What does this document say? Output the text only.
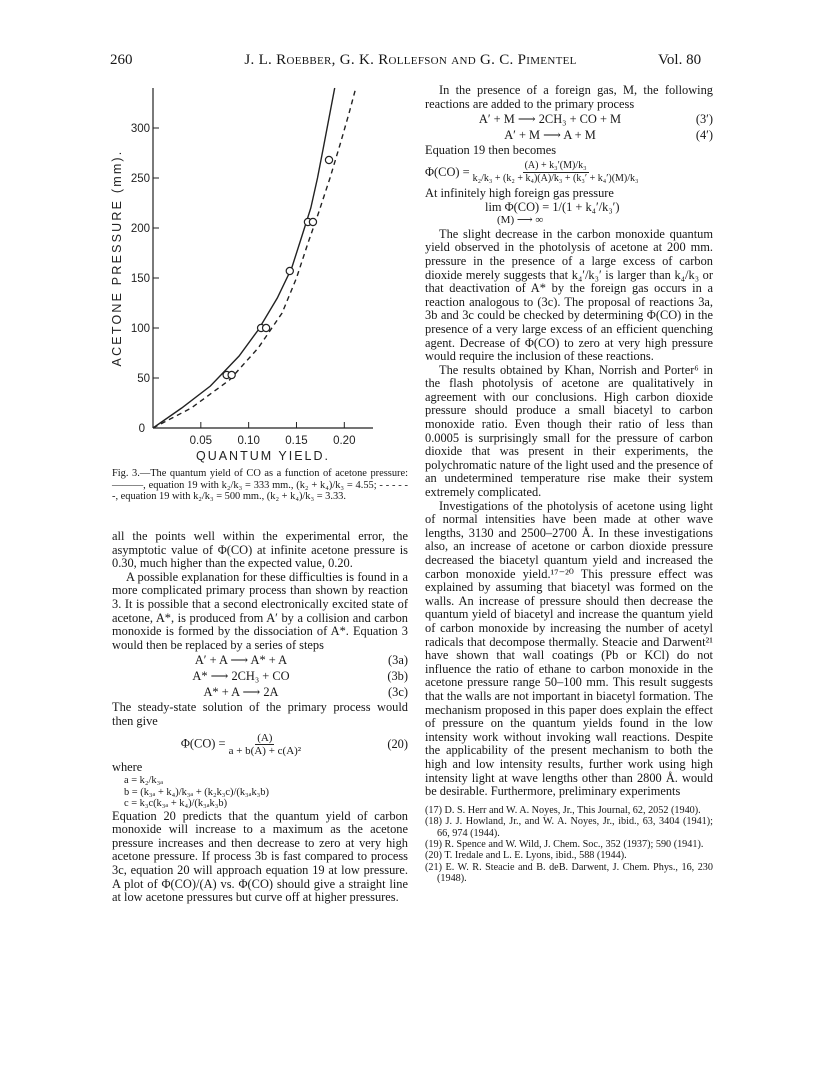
260	J. L. Roebber, G. K. Rollefson and G. C. Pimentel	Vol. 80
0.05 0.10 0.15 0.20
50
100
150
200
250
300
0
QUANTUM YIELD.
ACETONE PRESSURE (mm).
Fig. 3.—The quantum yield of CO as a function of acetone pressure: ———, equation 19 with k₂/k₃ = 333 mm., (k₂ + k₄)/k₃ = 4.55; - - - - - -, equation 19 with k₂/k₃ = 500 mm., (k₂ + k₄)/k₃ = 3.33.

all the points well within the experimental error, the asymptotic value of Φ(CO) at infinite acetone pressure is 0.30, much higher than the expected value, 0.20.

A possible explanation for these difficulties is found in a more complicated primary process than shown by reaction 3. It is possible that a second electronically excited state of acetone, A*, is produced from A′ by a collision and carbon monoxide is formed by the dissociation of A*. Equation 3 would then be replaced by a series of steps

A′ + A ⟶ A* + A	(3a)
A* ⟶ 2CH₃ + CO	(3b)
A* + A ⟶ 2A	(3c)

The steady-state solution of the primary process would then give

$\Phi(CO) = \frac{(A)}{\text{a + b(A) + c(A)²}}$	(20)

where

a = k₂/k₃ₐ
b = (k₃ₐ + k₄)/k₃ₐ + (k₂k₃c)/(k₃ₐk₃b)
c = k₃c(k₃ₐ + k₄)/(k₃ₐk₃b)

Equation 20 predicts that the quantum yield of carbon monoxide will increase to a maximum as the acetone pressure increases and then decrease to zero at very high acetone pressure. If process 3b is fast compared to process 3c, equation 20 will approach equation 19 at low pressure. A plot of Φ(CO)/(A) vs. Φ(CO) should give a straight line at low acetone pressures but curve off at higher pressures.

In the presence of a foreign gas, M, the following reactions are added to the primary process

A′ + M ⟶ 2CH₃ + CO + M	(3′)
A′ + M ⟶ A + M	(4′)

Equation 19 then becomes

$\Phi(CO) = \frac{\text{(A) + k₃′(M)/k₃}}{\text{k₂/k₃ + (k₂ + k₄)(A)/k₃ + (k₃′ + k₄′)(M)/k₃}}$

At infinitely high foreign gas pressure

lim Φ(CO) = 1/(1 + k₄′/k₃′)
(M) ⟶ ∞

The slight decrease in the carbon monoxide quantum yield observed in the photolysis of acetone at 200 mm. pressure in the presence of a large excess of carbon dioxide merely suggests that k₄′/k₃′ is larger than k₄/k₃ or that deactivation of A* by the foreign gas occurs in a reaction analogous to (3c). The proposal of reactions 3a, 3b and 3c could be checked by determining Φ(CO) in the presence of a very large excess of an efficient quenching agent. Decrease of Φ(CO) to zero at very high pressure would require the inclusion of these reactions.

The results obtained by Khan, Norrish and Porter⁶ in the flash photolysis of acetone are qualitatively in agreement with our conclusions. High carbon dioxide pressure should produce a small biacetyl to carbon monoxide ratio. Even though their ratio of less than 0.0005 is surprisingly small for the pressure of carbon dioxide that was present in their experiments, the polychromatic nature of the light used and the presence of an undetermined temperature rise make their system extremely complicated.

Investigations of the photolysis of acetone using light of normal intensities have been made at other wave lengths, 3130 and 2500–2700 Å. In these investigations also, an increase of acetone or carbon dioxide pressure decreased the biacetyl quantum yield and increased the carbon monoxide yield.¹⁷⁻²⁰ This pressure effect was explained by assuming that biacetyl was formed on the walls. An increase of pressure should then decrease the quantum yield of biacetyl and increase the quantum yield of carbon monoxide by increasing the number of acetyl radicals that decompose thermally. Steacie and Darwent²¹ have shown that wall coatings (Pb or KCl) do not influence the ratio of ethane to carbon monoxide in the acetone pressure range 50–100 mm. This result suggests that the walls are not important in biacetyl formation. The mechanism proposed in this paper does explain the effect of pressure on the quantum yields found in the low intensity work without invoking wall reactions. Despite the applicability of the present mechanism to both the high and low intensity results, further work using high intensity light at wave lengths other than 2800 Å. would be desirable. Furthermore, preliminary experiments

(17) D. S. Herr and W. A. Noyes, Jr., This Journal, 62, 2052 (1940).

(18) J. J. Howland, Jr., and W. A. Noyes, Jr., ibid., 63, 3404 (1941); 66, 974 (1944).

(19) R. Spence and W. Wild, J. Chem. Soc., 352 (1937); 590 (1941).

(20) T. Iredale and L. E. Lyons, ibid., 588 (1944).

(21) E. W. R. Steacie and B. deB. Darwent, J. Chem. Phys., 16, 230 (1948).
